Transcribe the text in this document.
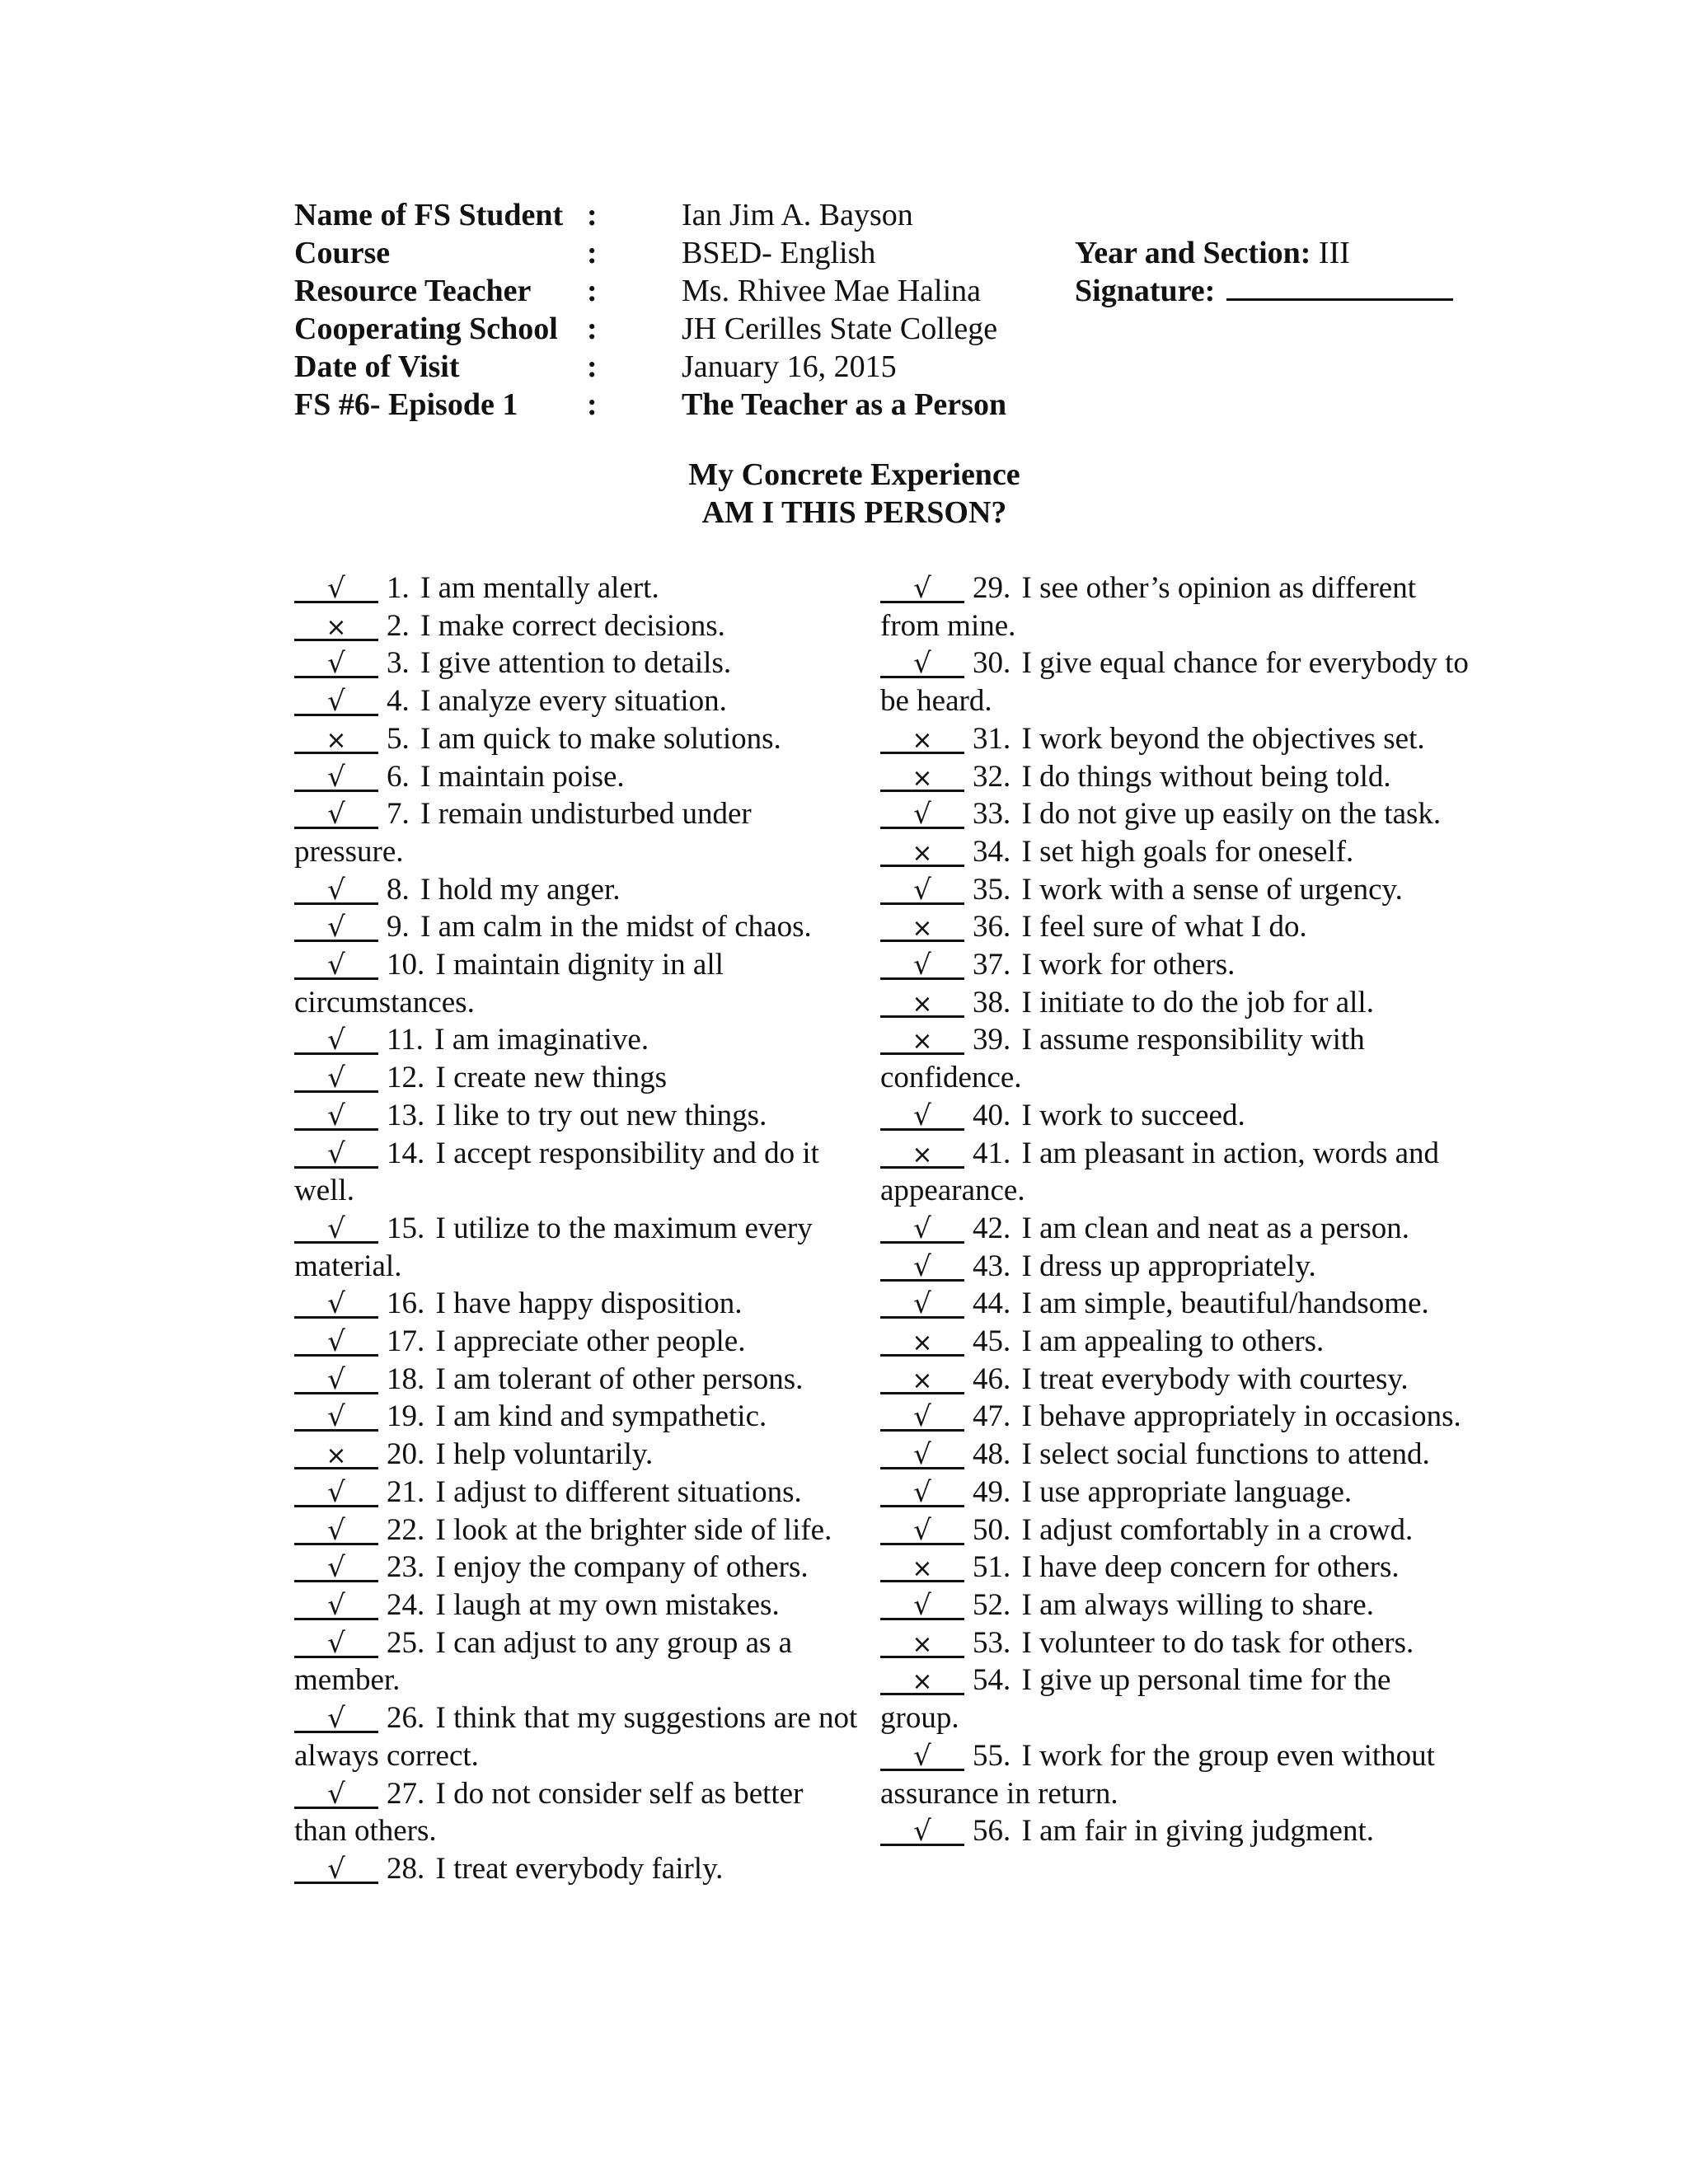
Name of FS Student :	Ian Jim A. Bayson
Course	:	BSED- English	Year and Section: III
Resource Teacher	:	Ms. Rhivee Mae Halina	Signature:
Cooperating School :	JH Cerilles State College
Date of Visit	:	January 16, 2015
FS #6- Episode 1	:	The Teacher as a Person
My Concrete Experience
AM I THIS PERSON?

√ 1. I am mentally alert.

× 2. I make correct decisions.

√ 3. I give attention to details.

√ 4. I analyze every situation.

× 5. I am quick to make solutions.

√ 6. I maintain poise.

√ 7. I remain undisturbed under pressure.

√ 8. I hold my anger.

√ 9. I am calm in the midst of chaos.

√ 10. I maintain dignity in all circumstances.

√ 11. I am imaginative.

√ 12. I create new things

√ 13. I like to try out new things.

√ 14. I accept responsibility and do it well.

√ 15. I utilize to the maximum every material.

√ 16. I have happy disposition.

√ 17. I appreciate other people.

√ 18. I am tolerant of other persons.

√ 19. I am kind and sympathetic.

× 20. I help voluntarily.

√ 21. I adjust to different situations.

√ 22. I look at the brighter side of life.

√ 23. I enjoy the company of others.

√ 24. I laugh at my own mistakes.

√ 25. I can adjust to any group as a member.

√ 26. I think that my suggestions are not always correct.

√ 27. I do not consider self as better than others.

√ 28. I treat everybody fairly.

√ 29. I see other’s opinion as different from mine.

√ 30. I give equal chance for everybody to be heard.

× 31. I work beyond the objectives set.

× 32. I do things without being told.

√ 33. I do not give up easily on the task.

× 34. I set high goals for oneself.

√ 35. I work with a sense of urgency.

× 36. I feel sure of what I do.

√ 37. I work for others.

× 38. I initiate to do the job for all.

× 39. I assume responsibility with confidence.

√ 40. I work to succeed.

× 41. I am pleasant in action, words and appearance.

√ 42. I am clean and neat as a person.

√ 43. I dress up appropriately.

√ 44. I am simple, beautiful/handsome.

× 45. I am appealing to others.

× 46. I treat everybody with courtesy.

√ 47. I behave appropriately in occasions.

√ 48. I select social functions to attend.

√ 49. I use appropriate language.

√ 50. I adjust comfortably in a crowd.

× 51. I have deep concern for others.

√ 52. I am always willing to share.

× 53. I volunteer to do task for others.

× 54. I give up personal time for the group.

√ 55. I work for the group even without assurance in return.

√ 56. I am fair in giving judgment.
